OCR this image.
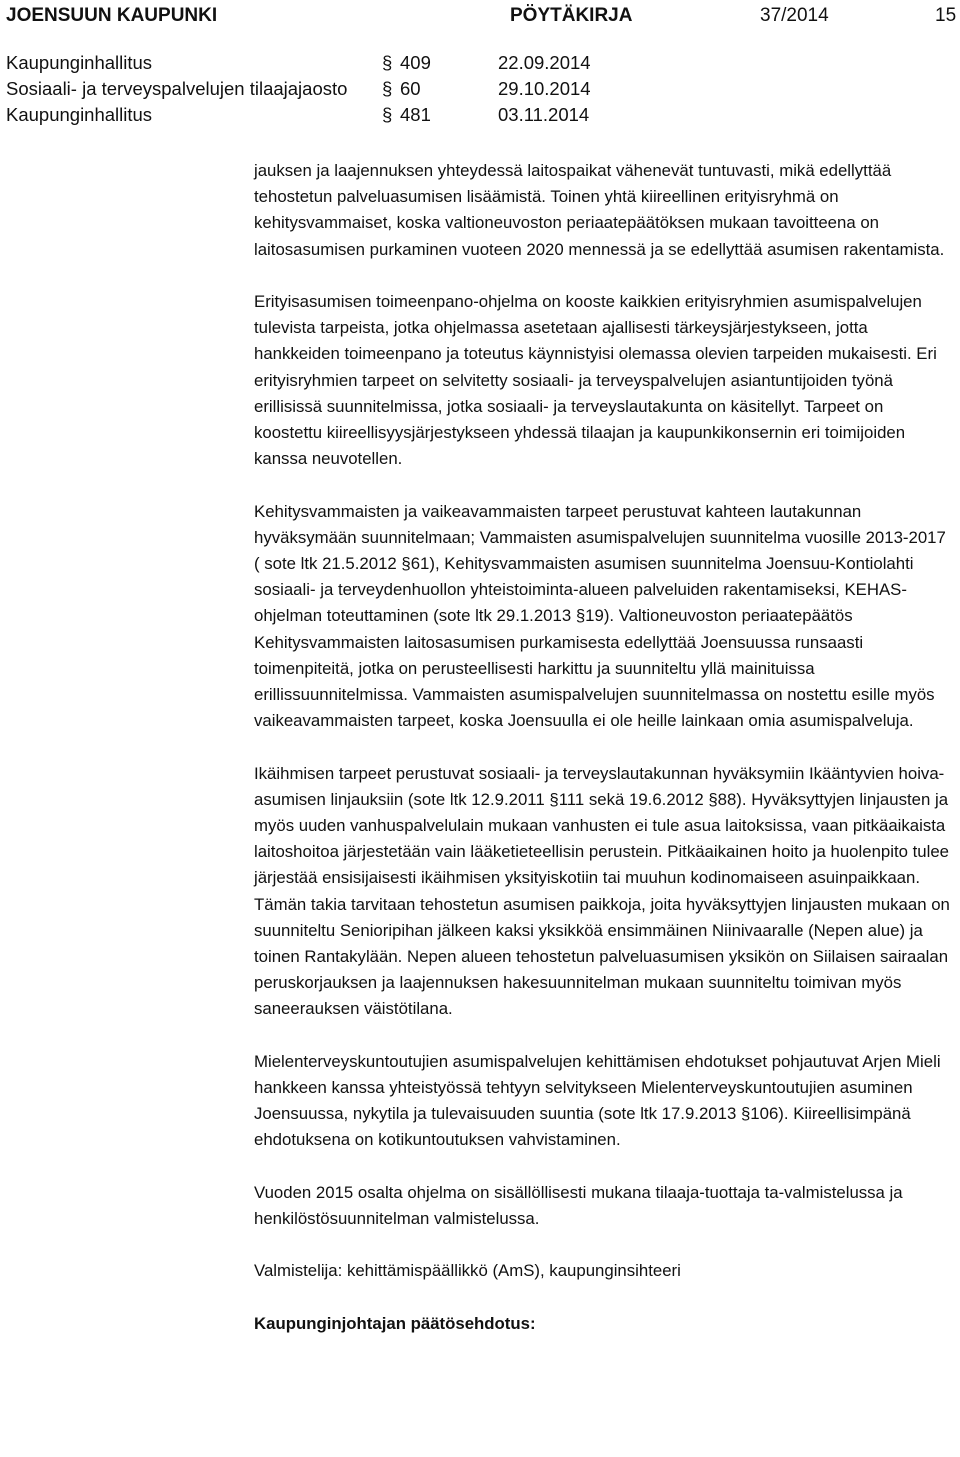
JOENSUUN KAUPUNKI	PÖYTÄKIRJA	37/2014	15
Kaupunginhallitus	§ 409	22.09.2014
Sosiaali- ja terveyspalvelujen tilaajajaosto	§ 60	29.10.2014
Kaupunginhallitus	§ 481	03.11.2014

jauksen ja laajennuksen yhteydessä laitospaikat vähenevät tuntuvasti, mikä edellyttää tehostetun palveluasumisen lisäämistä. Toinen yhtä kiireellinen erityisryhmä on kehitysvammaiset, koska valtioneuvoston periaatepäätöksen mukaan tavoitteena on laitosasumisen purkaminen vuoteen 2020 mennessä ja se edellyttää asumisen rakentamista.

Erityisasumisen toimeenpano-ohjelma on kooste kaikkien erityisryhmien asumispalvelujen tulevista tarpeista, jotka ohjelmassa asetetaan ajallisesti tärkeysjärjestykseen, jotta hankkeiden toimeenpano ja toteutus käynnistyisi olemassa olevien tarpeiden mukaisesti. Eri erityisryhmien tarpeet on selvitetty sosiaali- ja terveyspalvelujen asiantuntijoiden työnä erillisissä suunnitelmissa, jotka sosiaali- ja terveyslautakunta on käsitellyt. Tarpeet on koostettu kiireellisyysjärjestykseen yhdessä tilaajan ja kaupunkikonsernin eri toimijoiden kanssa neuvotellen.

Kehitysvammaisten ja vaikeavammaisten tarpeet perustuvat kahteen lautakunnan hyväksymään suunnitelmaan; Vammaisten asumispalvelujen suunnitelma vuosille 2013-2017 ( sote ltk 21.5.2012 §61), Kehitysvammaisten asumisen suunnitelma Joensuu-Kontiolahti sosiaali- ja terveydenhuollon yhteistoiminta-alueen palveluiden rakentamiseksi, KEHAS- ohjelman toteuttaminen (sote ltk 29.1.2013 §19). Valtioneuvoston periaatepäätös Kehitysvammaisten laitosasumisen purkamisesta edellyttää Joensuussa runsaasti toimenpiteitä, jotka on perusteellisesti harkittu ja suunniteltu yllä mainituissa erillissuunnitelmissa. Vammaisten asumispalvelujen suunnitelmassa on nostettu esille myös vaikeavammaisten tarpeet, koska Joensuulla ei ole heille lainkaan omia asumispalveluja.

Ikäihmisen tarpeet perustuvat sosiaali- ja terveyslautakunnan hyväksymiin Ikääntyvien hoiva-asumisen linjauksiin (sote ltk 12.9.2011 §111 sekä 19.6.2012 §88). Hyväksyttyjen linjausten ja myös uuden vanhuspalvelulain mukaan vanhusten ei tule asua laitoksissa, vaan pitkäaikaista laitoshoitoa järjestetään vain lääketieteellisin perustein. Pitkäaikainen hoito ja huolenpito tulee järjestää ensisijaisesti ikäihmisen yksityiskotiin tai muuhun kodinomaiseen asuinpaikkaan. Tämän takia tarvitaan tehostetun asumisen paikkoja, joita hyväksyttyjen linjausten mukaan on suunniteltu Senioripihan jälkeen kaksi yksikköä ensimmäinen Niinivaaralle (Nepen alue) ja toinen Rantakylään. Nepen alueen tehostetun palveluasumisen yksikön on Siilaisen sairaalan peruskorjauksen ja laajennuksen hakesuunnitelman mukaan suunniteltu toimivan myös saneerauksen väistötilana.

Mielenterveyskuntoutujien asumispalvelujen kehittämisen ehdotukset pohjautuvat Arjen Mieli hankkeen kanssa yhteistyössä tehtyyn selvitykseen Mielenterveyskuntoutujien asuminen Joensuussa, nykytila ja tulevaisuuden suuntia (sote ltk 17.9.2013 §106). Kiireellisimpänä ehdotuksena on kotikuntoutuksen vahvistaminen.

Vuoden 2015 osalta ohjelma on sisällöllisesti mukana tilaaja-tuottaja ta-valmistelussa ja henkilöstösuunnitelman valmistelussa.

Valmistelija: kehittämispäällikkö (AmS), kaupunginsihteeri

Kaupunginjohtajan päätösehdotus:
